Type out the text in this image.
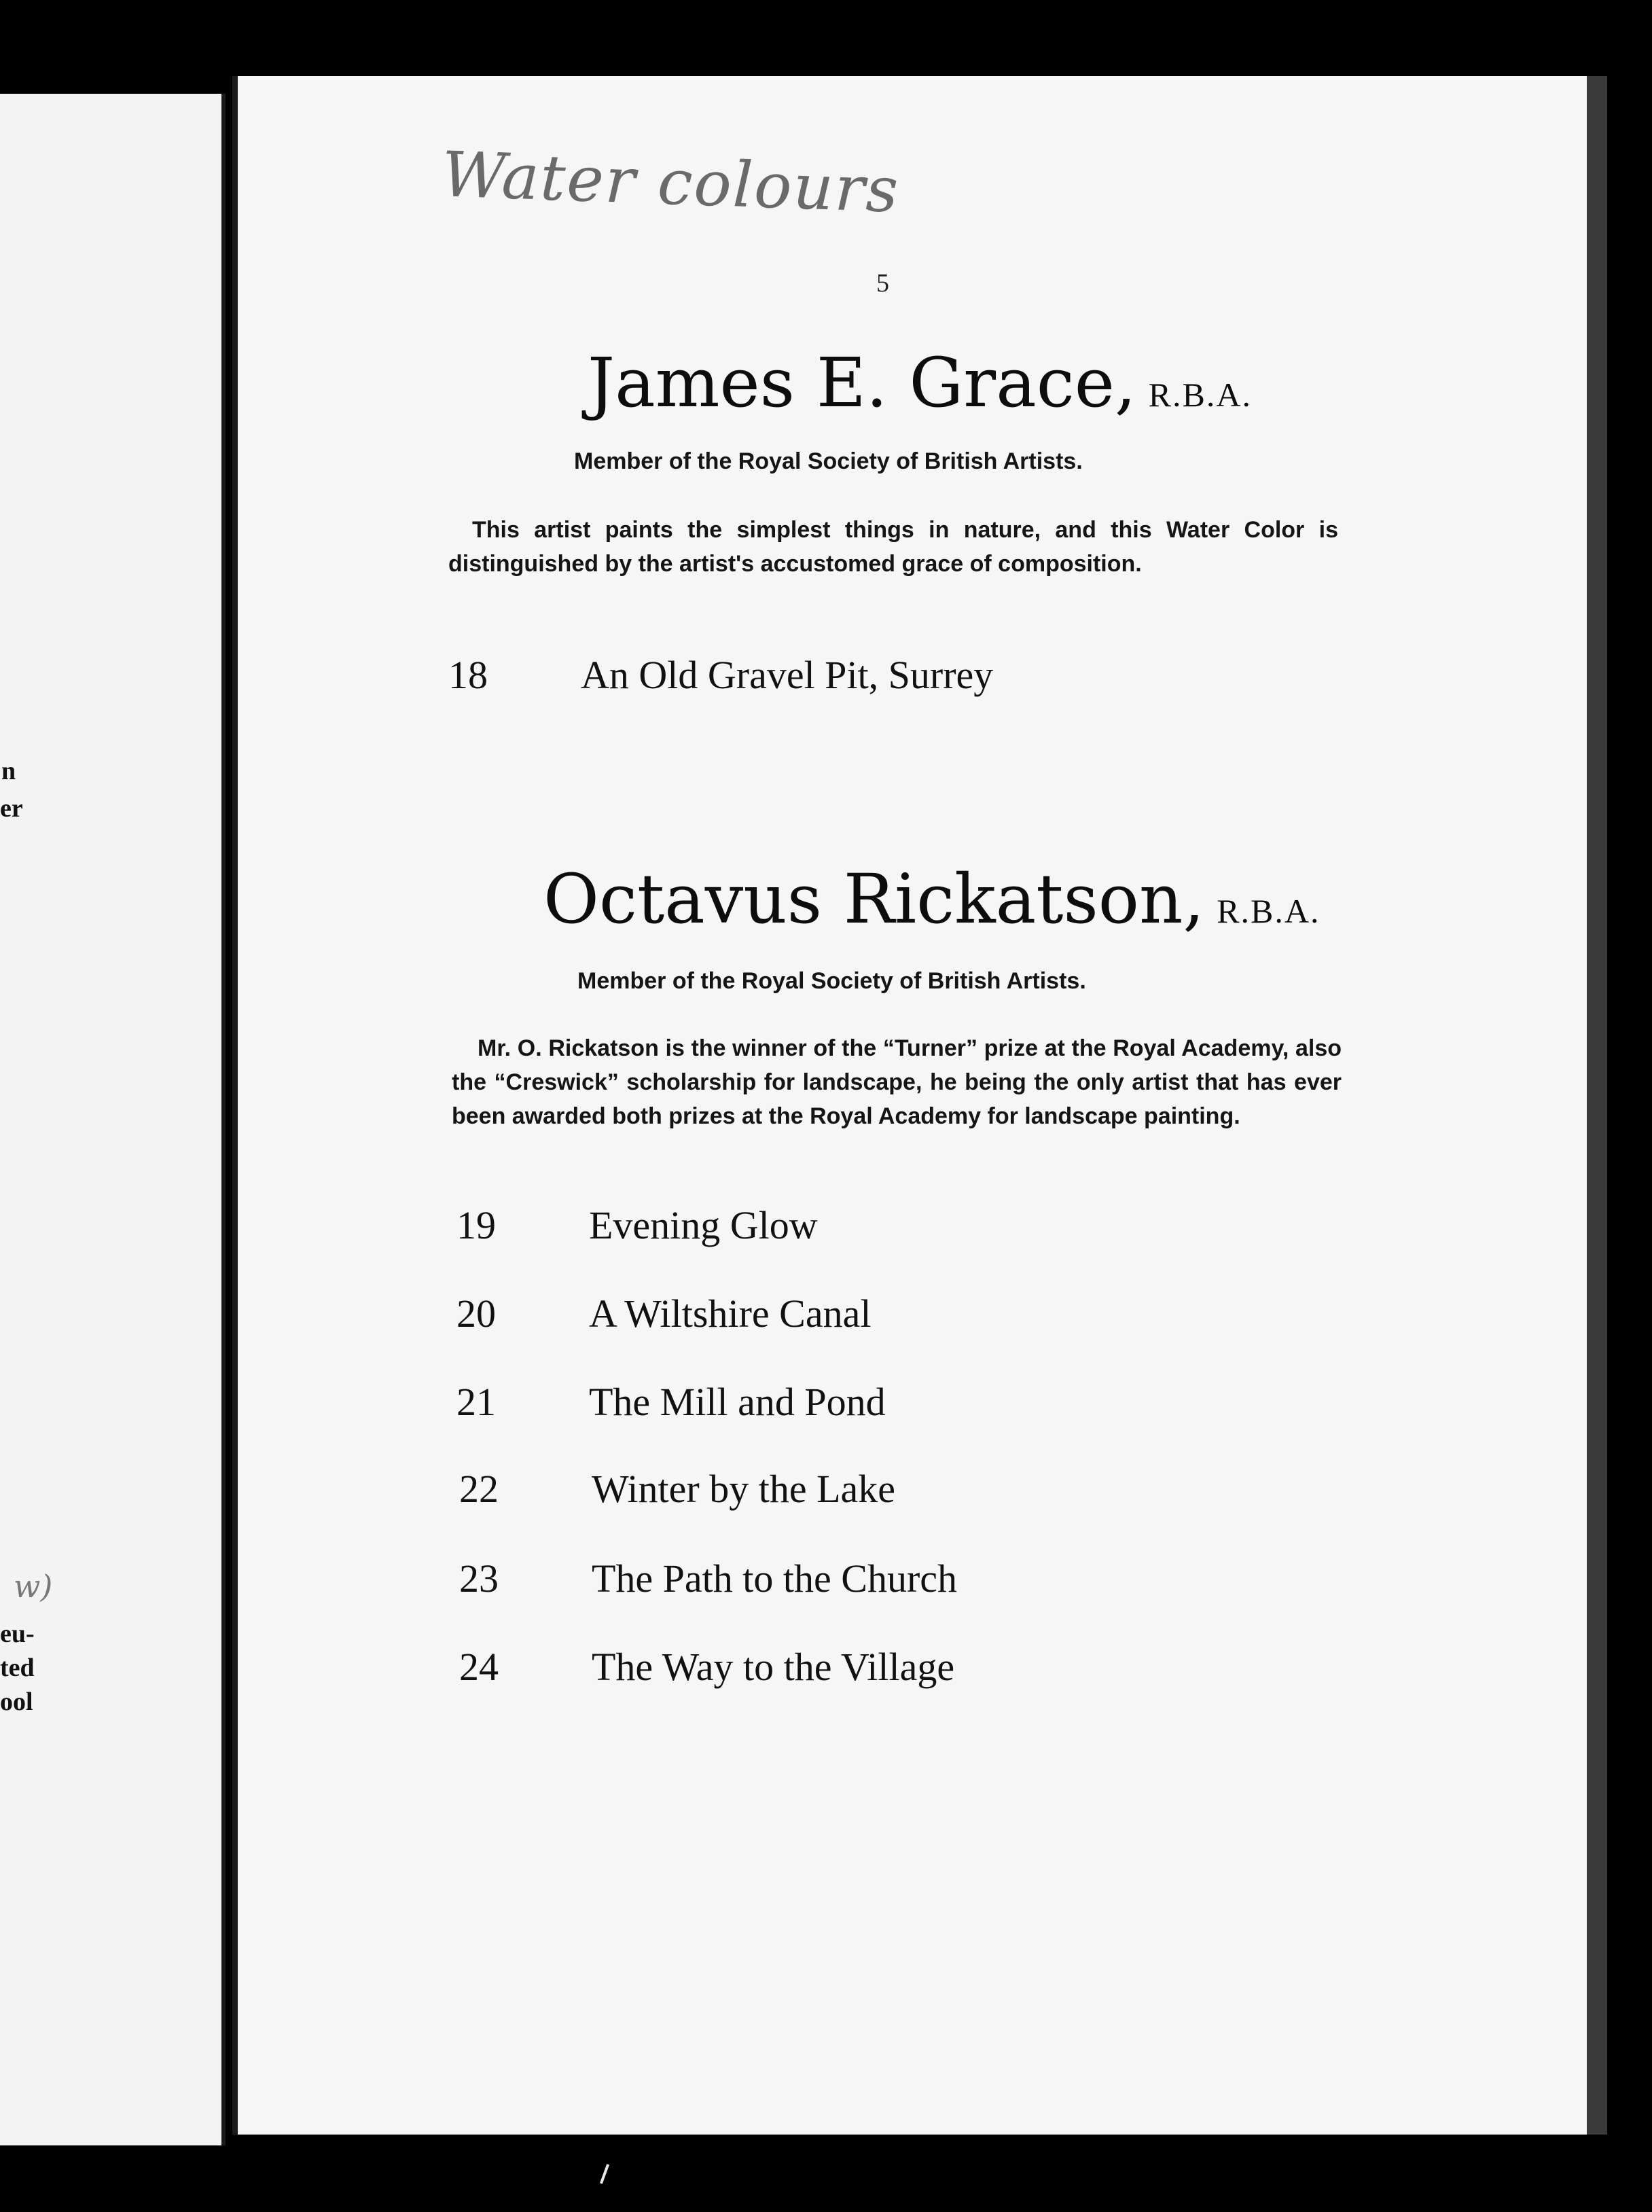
n
er
eu-
ted
ool
w)
Water colours
5
James E. Grace, R.B.A.
Member of the Royal Society of British Artists.
This artist paints the simplest things in nature, and this Water Color is distinguished by the artist's accustomed grace of composition.
18 An Old Gravel Pit, Surrey
Octavus Rickatson, R.B.A.
Member of the Royal Society of British Artists.
Mr. O. Rickatson is the winner of the “Turner” prize at the Royal Academy, also the “Creswick” scholarship for landscape, he being the only artist that has ever been awarded both prizes at the Royal Academy for landscape painting.
19 Evening Glow
20 A Wiltshire Canal
21 The Mill and Pond
22 Winter by the Lake
23 The Path to the Church
24 The Way to the Village
